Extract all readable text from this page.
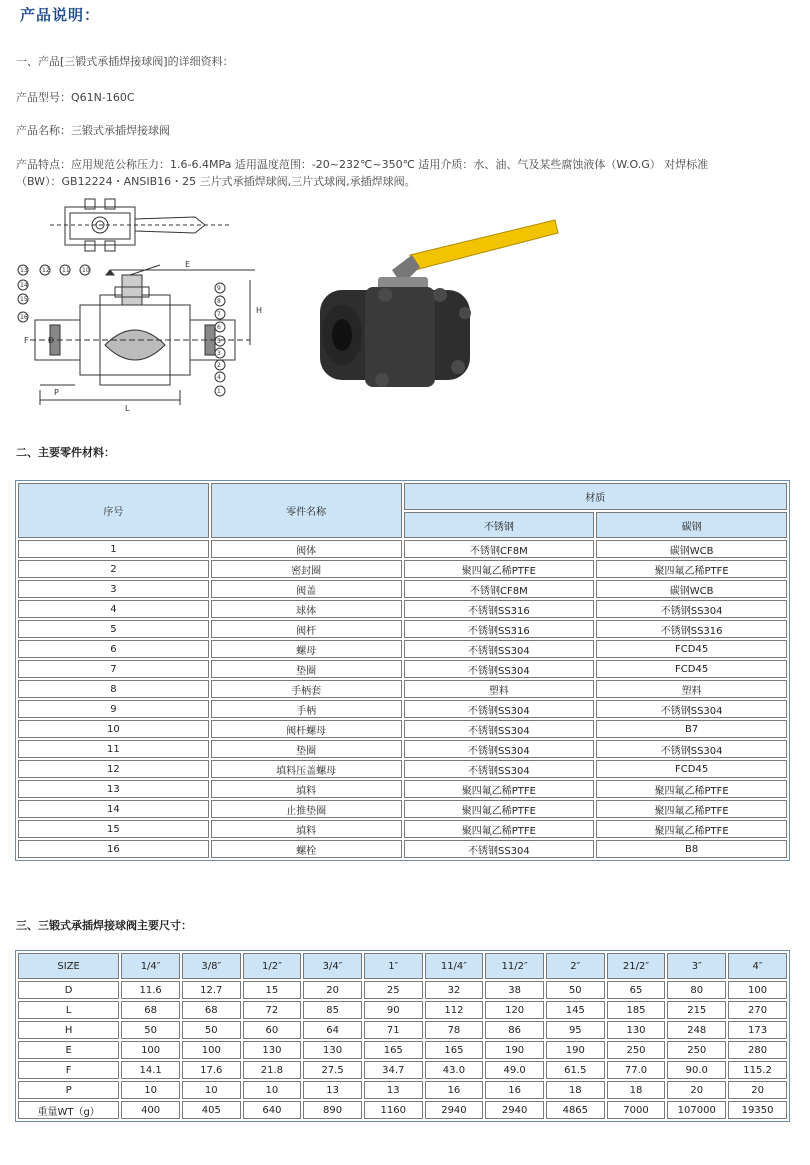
产品说明：
一、产品[三锻式承插焊接球阀]的详细资料：
产品型号：Q61N-160C
产品名称：三锻式承插焊接球阀
产品特点：应用规范公称压力：1.6-6.4MPa 适用温度范围：-20~232℃~350℃ 适用介质：水、油、气及某些腐蚀液体（W.O.G） 对焊标准
（BW）：GB12224・ANSIB16・25 三片式承插焊球阀,三片式球阀,承插焊球阀。
E
H
F D
P
L
13 12 11 10
14
15
16
9
8
7
6
5
3
2
4
1
二、主要零件材料：
序号	零件名称	材质	
		不锈钢	碳钢
1	阀体	不锈钢CF8M	碳钢WCB
2	密封圈	聚四氟乙稀PTFE	聚四氟乙稀PTFE
3	阀盖	不锈钢CF8M	碳钢WCB
4	球体	不锈钢SS316	不锈钢SS304
5	阀杆	不锈钢SS316	不锈钢SS316
6	螺母	不锈钢SS304	FCD45
7	垫圈	不锈钢SS304	FCD45
8	手柄套	塑料	塑料
9	手柄	不锈钢SS304	不锈钢SS304
10	阀杆螺母	不锈钢SS304	B7
11	垫圈	不锈钢SS304	不锈钢SS304
12	填料压盖螺母	不锈钢SS304	FCD45
13	填料	聚四氟乙稀PTFE	聚四氟乙稀PTFE
14	止推垫圈	聚四氟乙稀PTFE	聚四氟乙稀PTFE
15	填料	聚四氟乙稀PTFE	聚四氟乙稀PTFE
16	螺栓	不锈钢SS304	B8
三、三锻式承插焊接球阀主要尺寸：
SIZE	1/4″	3/8″	1/2″	3/4″	1″	11/4″	11/2″	2″	21/2″	3″	4″
D	11.6	12.7	15	20	25	32	38	50	65	80	100
L	68	68	72	85	90	112	120	145	185	215	270
H	50	50	60	64	71	78	86	95	130	248	173
E	100	100	130	130	165	165	190	190	250	250	280
F	14.1	17.6	21.8	27.5	34.7	43.0	49.0	61.5	77.0	90.0	115.2
P	10	10	10	13	13	16	16	18	18	20	20
重量WT（g）	400	405	640	890	1160	2940	2940	4865	7000	107000	19350
